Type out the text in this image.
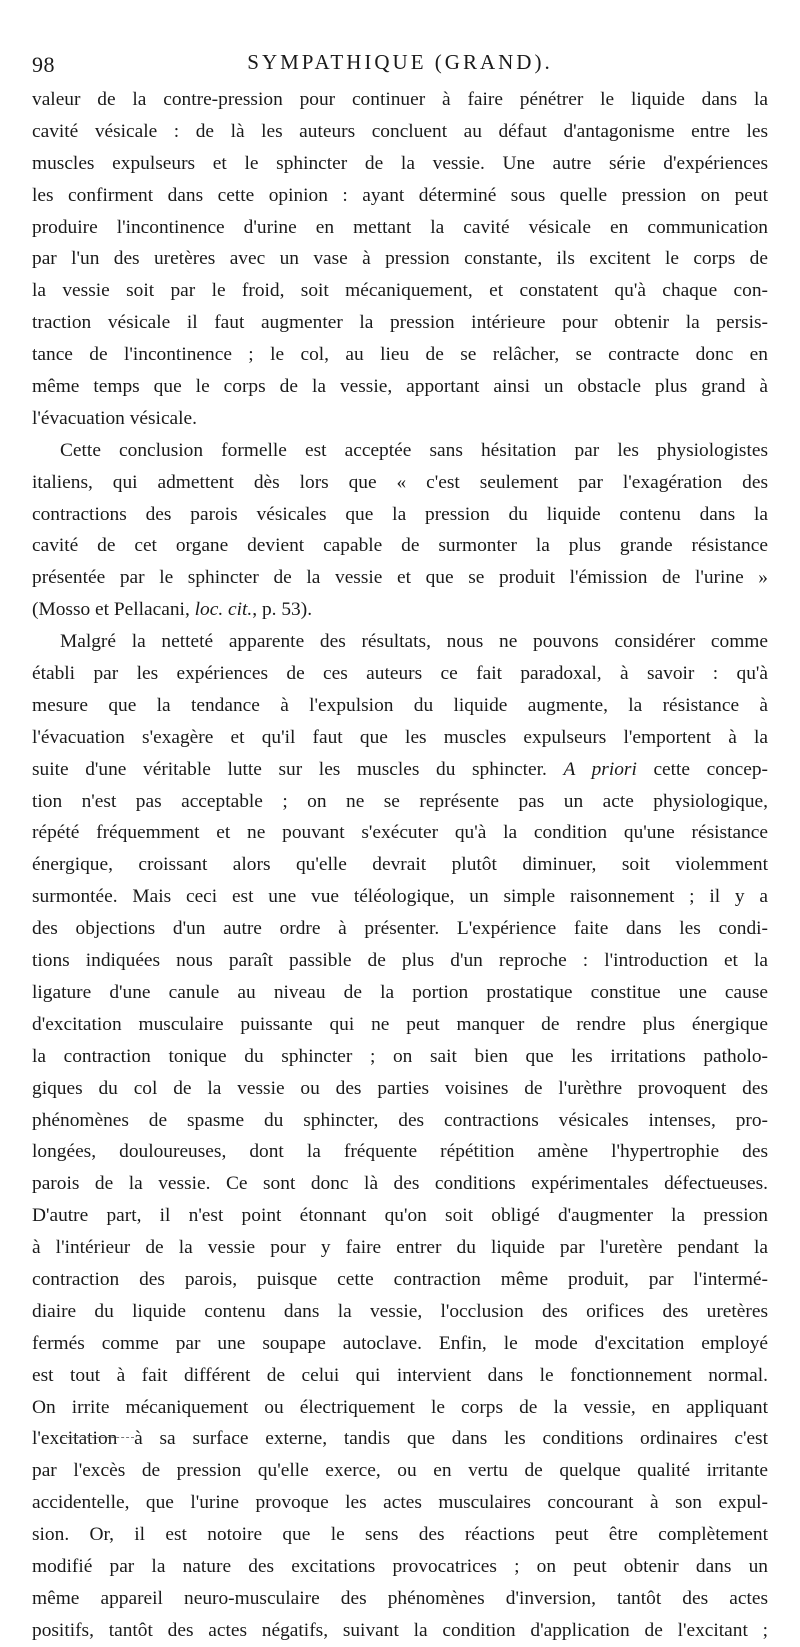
98	SYMPATHIQUE (GRAND).
valeur de la contre-pression pour continuer à faire pénétrer le liquide dans la
cavité vésicale : de là les auteurs concluent au défaut d'antagonisme entre les
muscles expulseurs et le sphincter de la vessie. Une autre série d'expériences
les confirment dans cette opinion : ayant déterminé sous quelle pression on peut
produire l'incontinence d'urine en mettant la cavité vésicale en communication
par l'un des uretères avec un vase à pression constante, ils excitent le corps de
la vessie soit par le froid, soit mécaniquement, et constatent qu'à chaque con-
traction vésicale il faut augmenter la pression intérieure pour obtenir la persis-
tance de l'incontinence ; le col, au lieu de se relâcher, se contracte donc en
même temps que le corps de la vessie, apportant ainsi un obstacle plus grand à
l'évacuation vésicale.
Cette conclusion formelle est acceptée sans hésitation par les physiologistes
italiens, qui admettent dès lors que « c'est seulement par l'exagération des
contractions des parois vésicales que la pression du liquide contenu dans la
cavité de cet organe devient capable de surmonter la plus grande résistance
présentée par le sphincter de la vessie et que se produit l'émission de l'urine »
(Mosso et Pellacani, loc. cit., p. 53).
Malgré la netteté apparente des résultats, nous ne pouvons considérer comme
établi par les expériences de ces auteurs ce fait paradoxal, à savoir : qu'à
mesure que la tendance à l'expulsion du liquide augmente, la résistance à
l'évacuation s'exagère et qu'il faut que les muscles expulseurs l'emportent à la
suite d'une véritable lutte sur les muscles du sphincter. A priori cette concep-
tion n'est pas acceptable ; on ne se représente pas un acte physiologique,
répété fréquemment et ne pouvant s'exécuter qu'à la condition qu'une résistance
énergique, croissant alors qu'elle devrait plutôt diminuer, soit violemment
surmontée. Mais ceci est une vue téléologique, un simple raisonnement ; il y a
des objections d'un autre ordre à présenter. L'expérience faite dans les condi-
tions indiquées nous paraît passible de plus d'un reproche : l'introduction et la
ligature d'une canule au niveau de la portion prostatique constitue une cause
d'excitation musculaire puissante qui ne peut manquer de rendre plus énergique
la contraction tonique du sphincter ; on sait bien que les irritations patholo-
giques du col de la vessie ou des parties voisines de l'urèthre provoquent des
phénomènes de spasme du sphincter, des contractions vésicales intenses, pro-
longées, douloureuses, dont la fréquente répétition amène l'hypertrophie des
parois de la vessie. Ce sont donc là des conditions expérimentales défectueuses.
D'autre part, il n'est point étonnant qu'on soit obligé d'augmenter la pression
à l'intérieur de la vessie pour y faire entrer du liquide par l'uretère pendant la
contraction des parois, puisque cette contraction même produit, par l'intermé-
diaire du liquide contenu dans la vessie, l'occlusion des orifices des uretères
fermés comme par une soupape autoclave. Enfin, le mode d'excitation employé
est tout à fait différent de celui qui intervient dans le fonctionnement normal.
On irrite mécaniquement ou électriquement le corps de la vessie, en appliquant
l'excitation à sa surface externe, tandis que dans les conditions ordinaires c'est
par l'excès de pression qu'elle exerce, ou en vertu de quelque qualité irritante
accidentelle, que l'urine provoque les actes musculaires concourant à son expul-
sion. Or, il est notoire que le sens des réactions peut être complètement
modifié par la nature des excitations provocatrices ; on peut obtenir dans un
même appareil neuro-musculaire des phénomènes d'inversion, tantôt des actes
positifs, tantôt des actes négatifs, suivant la condition d'application de l'excitant ;
